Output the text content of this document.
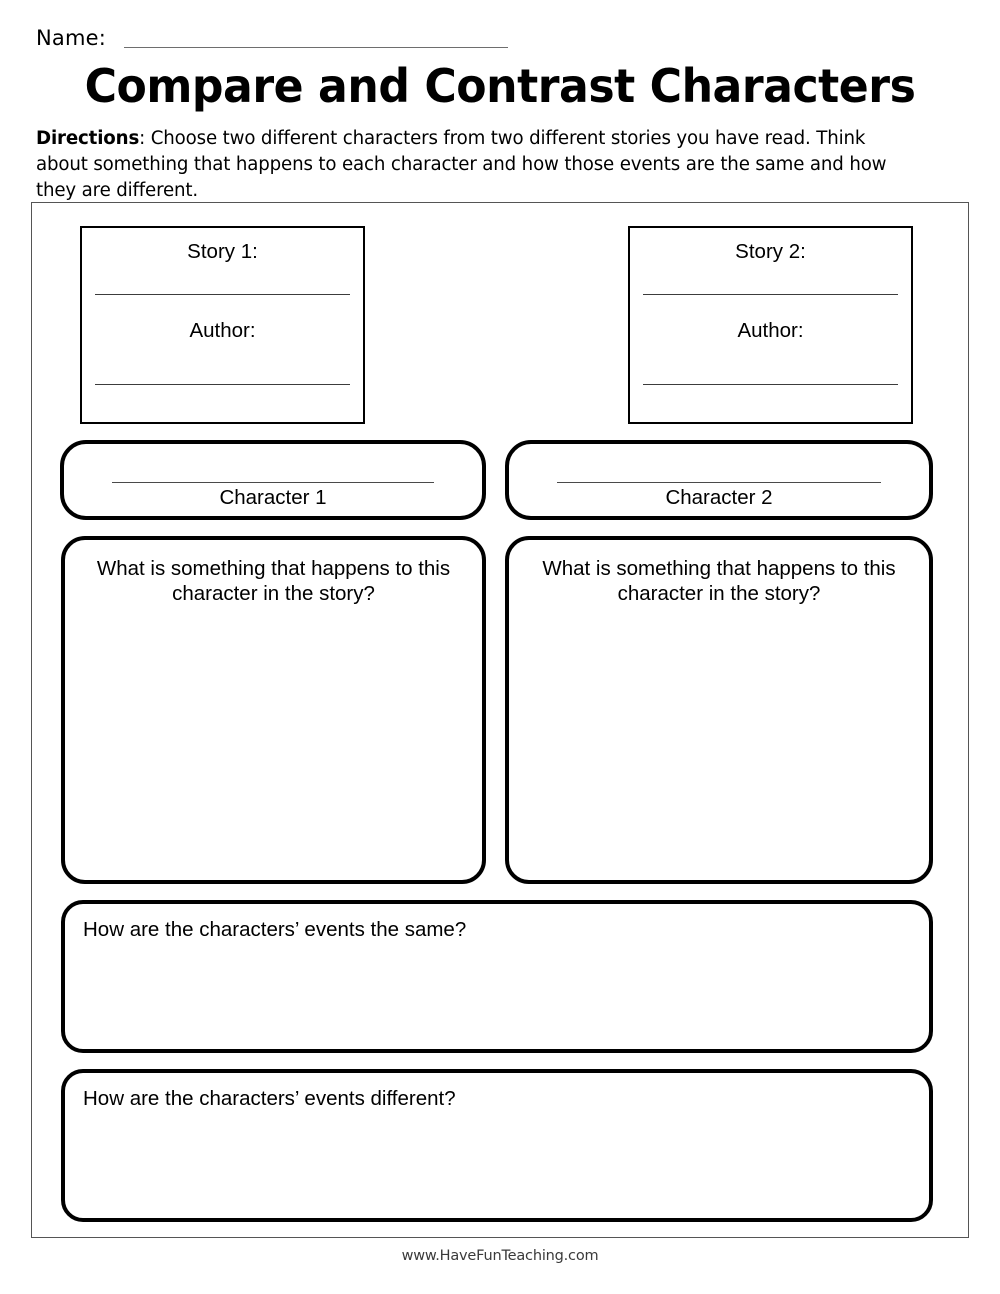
Name:
Compare and Contrast Characters
Directions: Choose two different characters from two different stories you have read. Think about something that happens to each character and how those events are the same and how they are different.
Story 1:
Author:
Story 2:
Author:
Character 1	Character 2
What is something that happens to this character in the story?
What is something that happens to this character in the story?
How are the characters’ events the same?
How are the characters’ events different?
www.HaveFunTeaching.com
